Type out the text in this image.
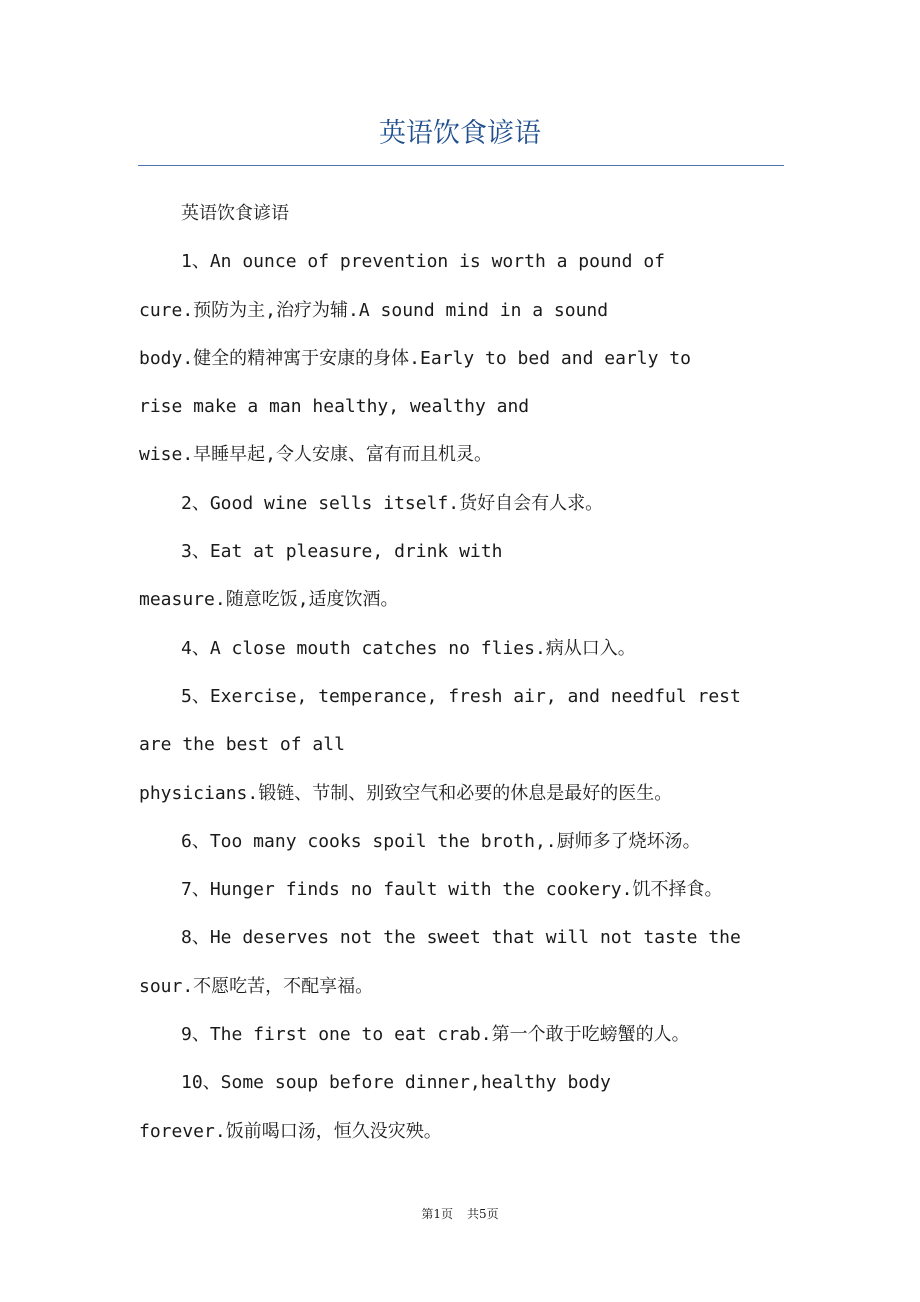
英语饮食谚语
英语饮食谚语
1、An ounce of prevention is worth a pound of
cure.预防为主,治疗为辅.A sound mind in a sound
body.健全的精神寓于安康的身体.Early to bed and early to
rise make a man healthy, wealthy and
wise.早睡早起,令人安康、富有而且机灵。
2、Good wine sells itself.货好自会有人求。
3、Eat at pleasure, drink with
measure.随意吃饭,适度饮酒。
4、A close mouth catches no flies.病从口入。
5、Exercise, temperance, fresh air, and needful rest
are the best of all
physicians.锻链、节制、别致空气和必要的休息是最好的医生。
6、Too many cooks spoil the broth,.厨师多了烧坏汤。
7、Hunger finds no fault with the cookery.饥不择食。
8、He deserves not the sweet that will not taste the
sour.不愿吃苦，不配享福。
9、The first one to eat crab.第一个敢于吃螃蟹的人。
10、Some soup before dinner,healthy body
forever.饭前喝口汤，恒久没灾殃。
第1页 共5页
